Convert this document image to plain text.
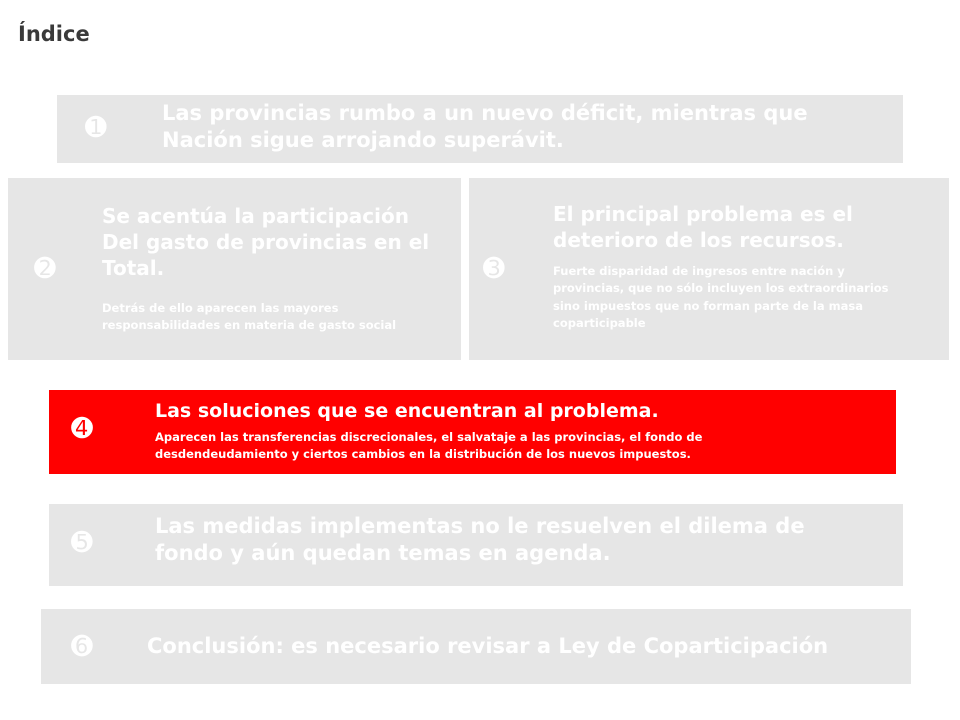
Índice
➊	Las provincias rumbo a un nuevo déficit, mientras que Nación sigue arrojando superávit.
➋
Se acentúa la participación Del gasto de provincias en el Total.
Detrás de ello aparecen las mayores responsabilidades en materia de gasto social
➌
El principal problema es el deterioro de los recursos.
Fuerte disparidad de ingresos entre nación y provincias, que no sólo incluyen los extraordinarios sino impuestos que no forman parte de la masa coparticipable
➍
Las soluciones que se encuentran al problema.
Aparecen las transferencias discrecionales, el salvataje a las provincias, el fondo de desdendeudamiento y ciertos cambios en la distribución de los nuevos impuestos.
➎
Las medidas implementas no le resuelven el dilema de fondo y aún quedan temas en agenda.
➏	Conclusión: es necesario revisar a Ley de Coparticipación
